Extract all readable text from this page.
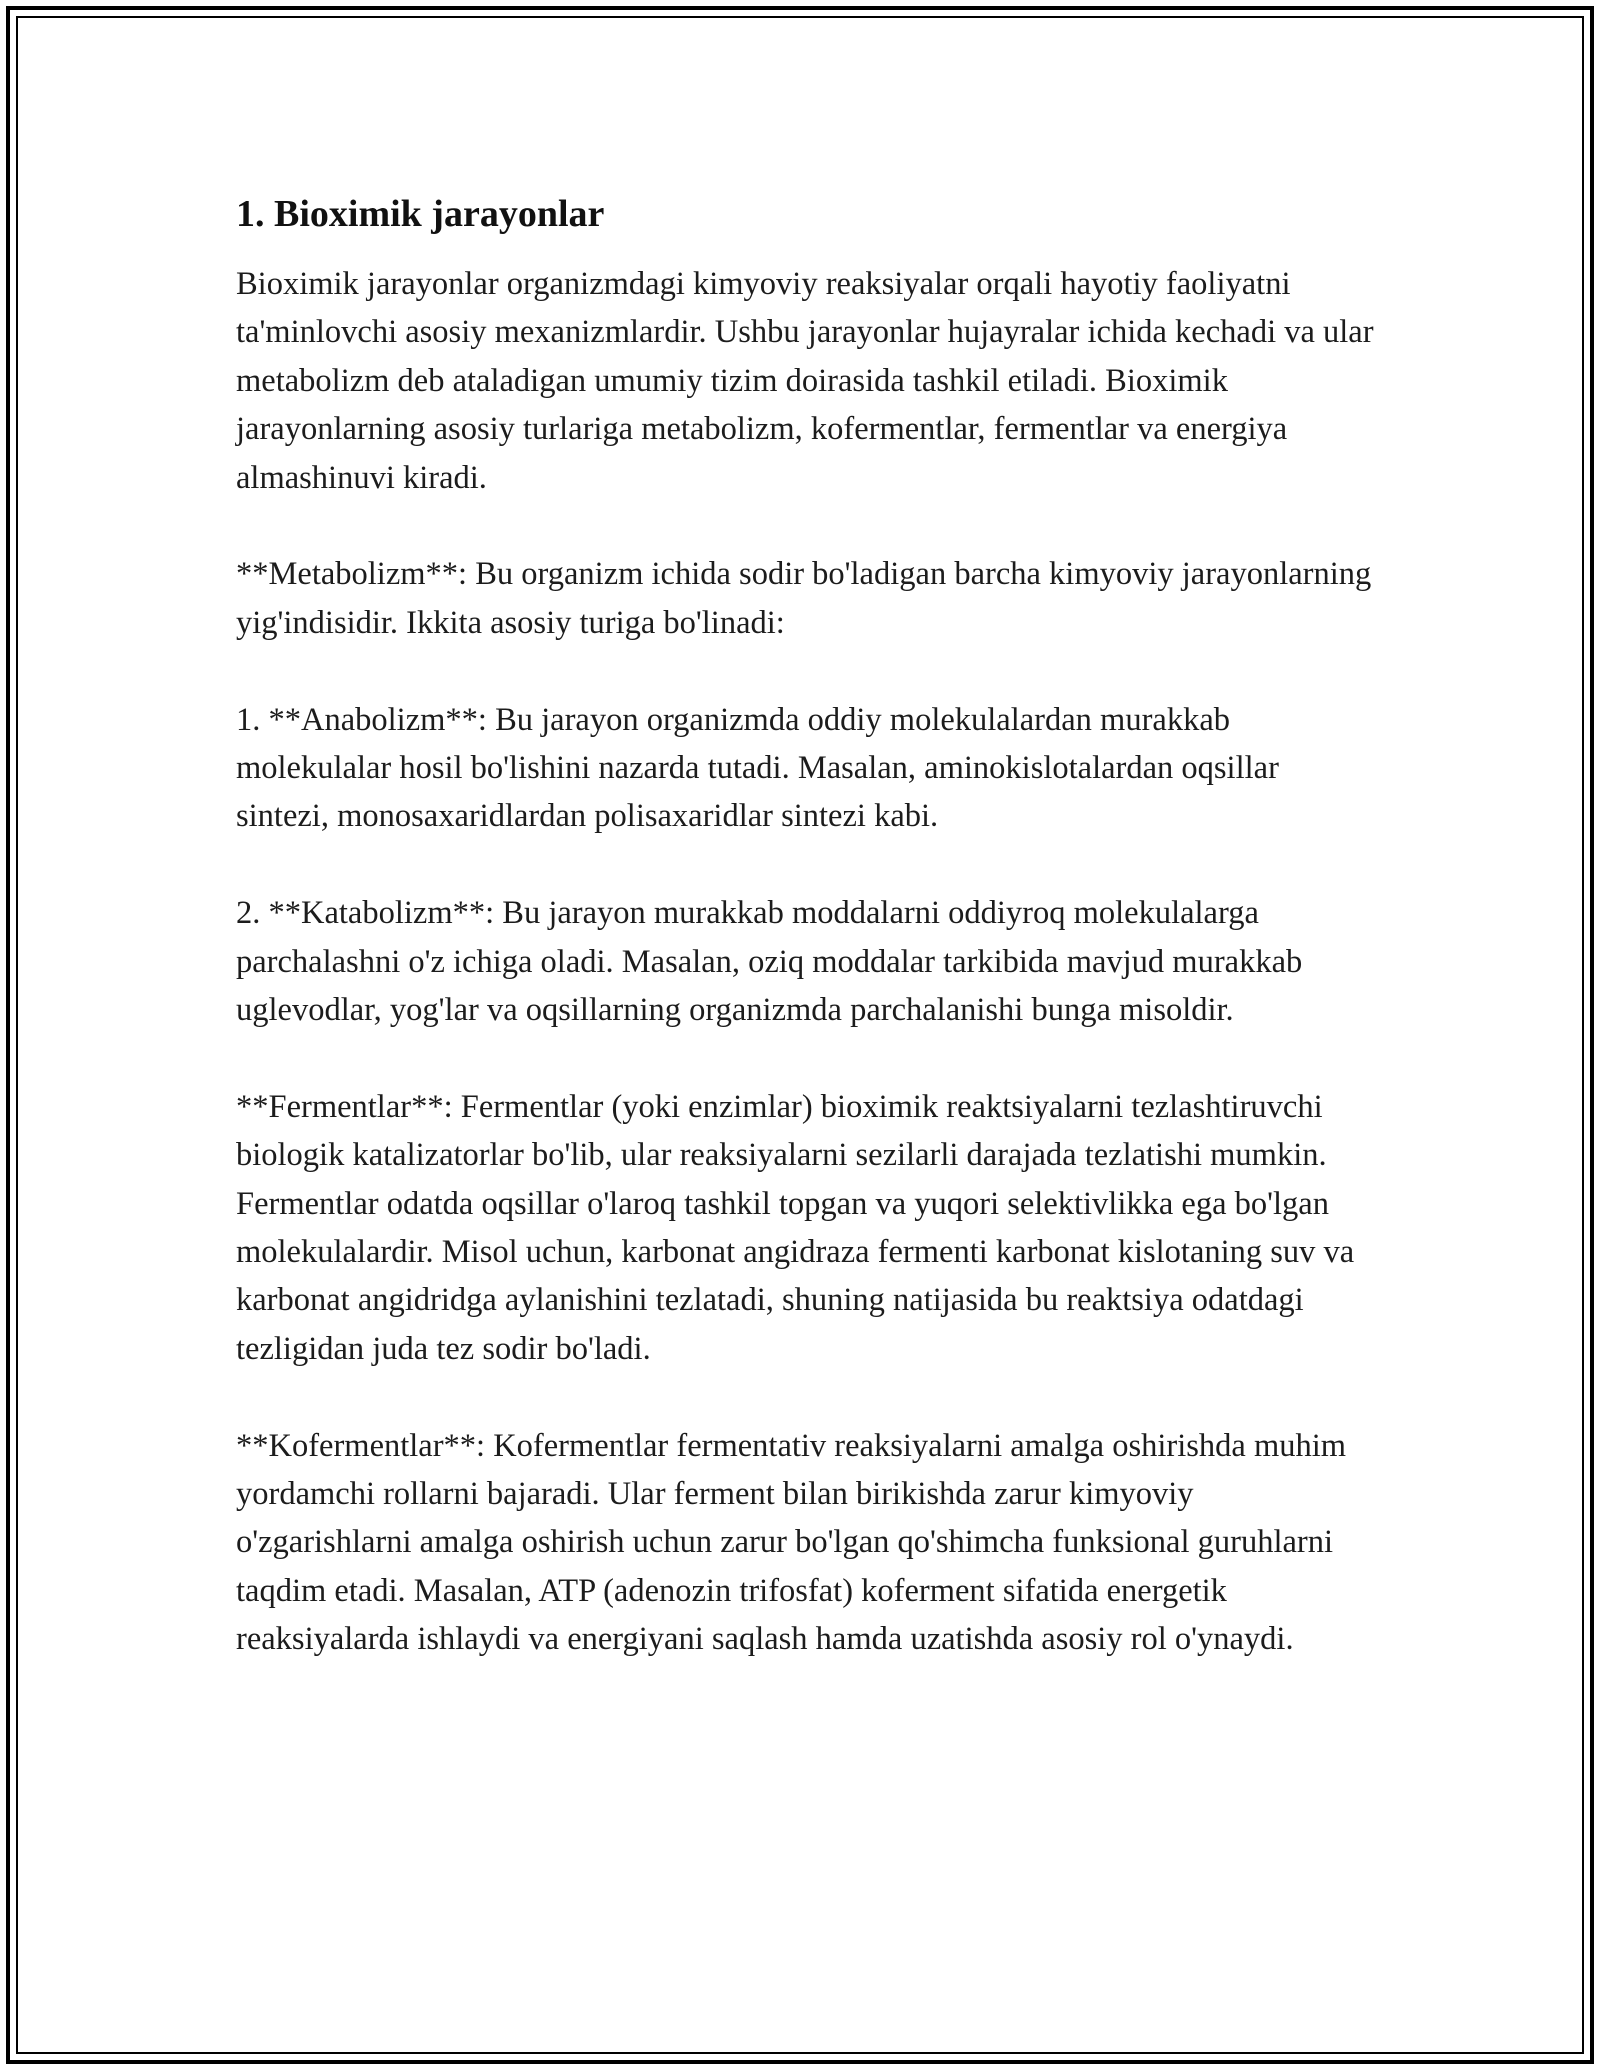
1. Bioximik jarayonlar

Bioximik jarayonlar organizmdagi kimyoviy reaksiyalar orqali hayotiy faoliyatni ta'minlovchi asosiy mexanizmlardir. Ushbu jarayonlar hujayralar ichida kechadi va ular metabolizm deb ataladigan umumiy tizim doirasida tashkil etiladi. Bioximik jarayonlarning asosiy turlariga metabolizm, kofermentlar, fermentlar va energiya almashinuvi kiradi.

**Metabolizm**: Bu organizm ichida sodir bo'ladigan barcha kimyoviy jarayonlarning yig'indisidir. Ikkita asosiy turiga bo'linadi:

1. **Anabolizm**: Bu jarayon organizmda oddiy molekulalardan murakkab molekulalar hosil bo'lishini nazarda tutadi. Masalan, aminokislotalardan oqsillar sintezi, monosaxaridlardan polisaxaridlar sintezi kabi.

2. **Katabolizm**: Bu jarayon murakkab moddalarni oddiyroq molekulalarga parchalashni o'z ichiga oladi. Masalan, oziq moddalar tarkibida mavjud murakkab uglevodlar, yog'lar va oqsillarning organizmda parchalanishi bunga misoldir.

**Fermentlar**: Fermentlar (yoki enzimlar) bioximik reaktsiyalarni tezlashtiruvchi biologik katalizatorlar bo'lib, ular reaksiyalarni sezilarli darajada tezlatishi mumkin. Fermentlar odatda oqsillar o'laroq tashkil topgan va yuqori selektivlikka ega bo'lgan molekulalardir. Misol uchun, karbonat angidraza fermenti karbonat kislotaning suv va karbonat angidridga aylanishini tezlatadi, shuning natijasida bu reaktsiya odatdagi tezligidan juda tez sodir bo'ladi.

**Kofermentlar**: Kofermentlar fermentativ reaksiyalarni amalga oshirishda muhim yordamchi rollarni bajaradi. Ular ferment bilan birikishda zarur kimyoviy o'zgarishlarni amalga oshirish uchun zarur bo'lgan qo'shimcha funksional guruhlarni taqdim etadi. Masalan, ATP (adenozin trifosfat) koferment sifatida energetik reaksiyalarda ishlaydi va energiyani saqlash hamda uzatishda asosiy rol o'ynaydi.
